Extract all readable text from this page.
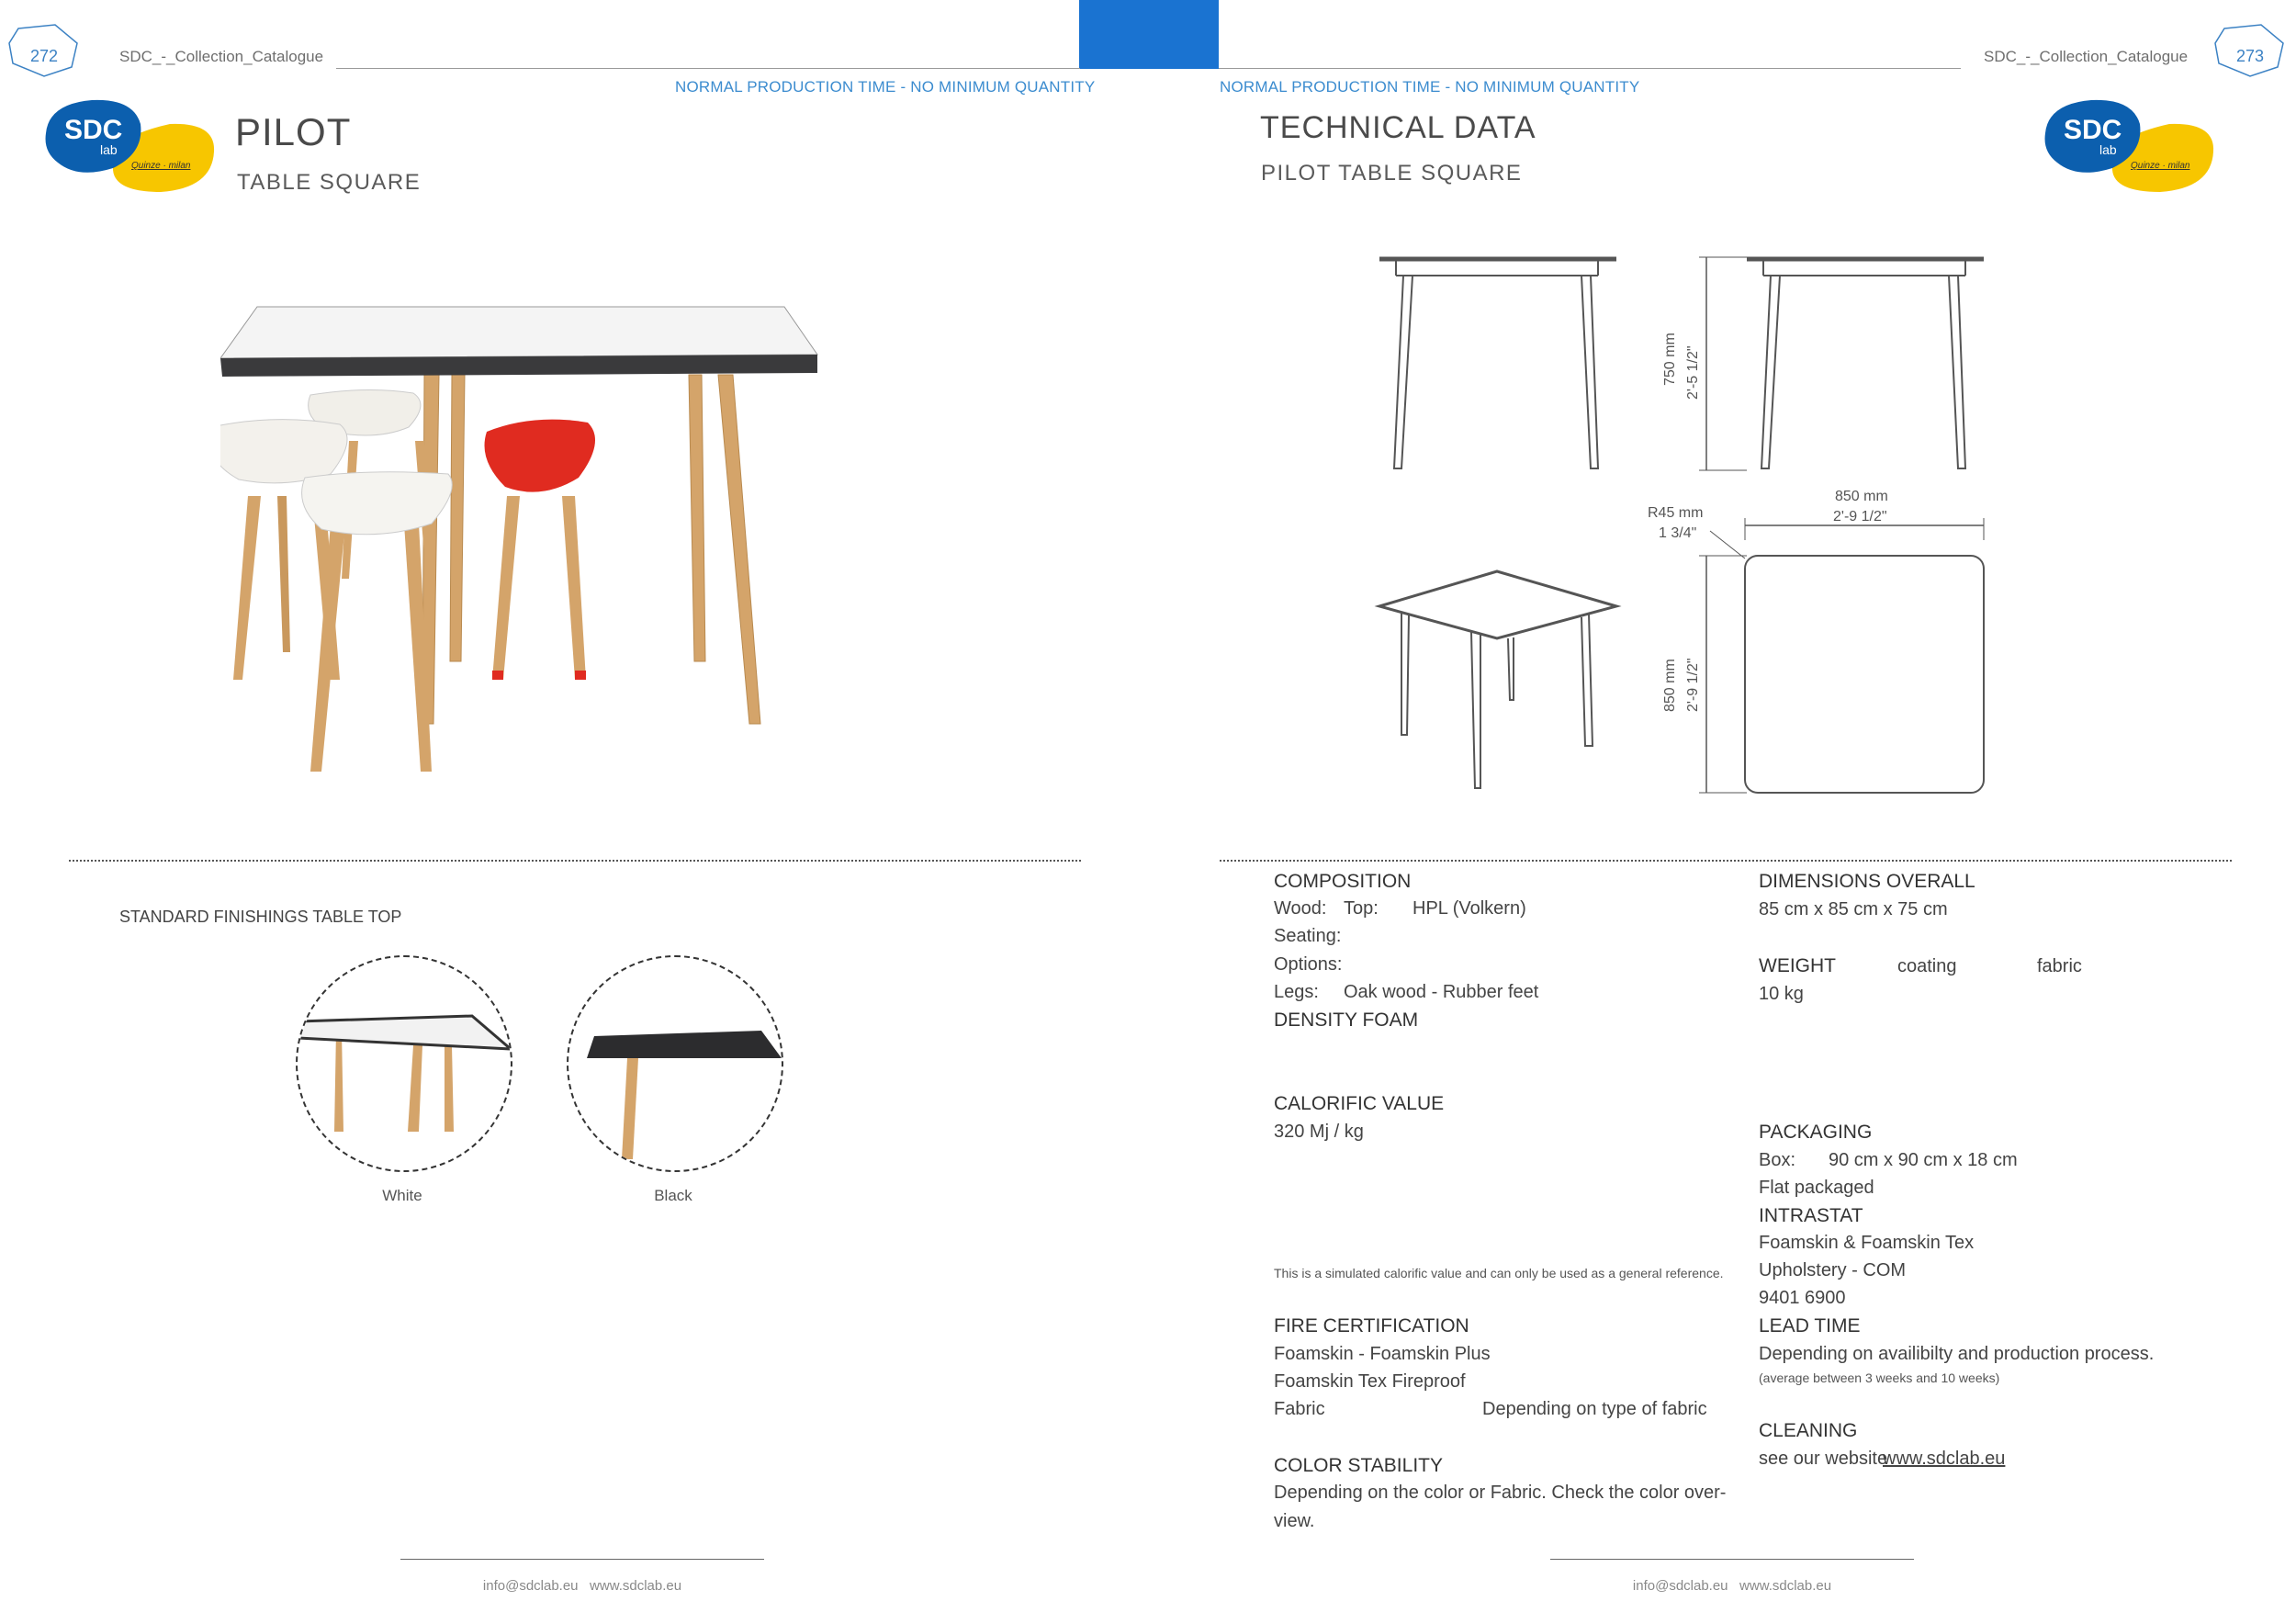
272	SDC_-_Collection_Catalogue	273
SDC_-_Collection_Catalogue
NORMAL PRODUCTION TIME - NO MINIMUM QUANTITY	NORMAL PRODUCTION TIME - NO MINIMUM QUANTITY
SDC
lab
Quinze · milan
SDC
lab
Quinze · milan
PILOT
TABLE SQUARE
STANDARD FINISHINGS TABLE TOP
White	Black
TECHNICAL DATA
PILOT TABLE SQUARE
750 mm 2'-5 1/2"
850 mm
2'-9 1/2"
R45 mm
1 3/4"
850 mm 2'-9 1/2"
COMPOSITION
Wood: Top: HPL (Volkern)
Seating:
Options:
Legs: Oak wood - Rubber feet
DENSITY FOAM
CALORIFIC VALUE
320 Mj / kg
This is a simulated calorific value and can only be used as a general reference.
FIRE CERTIFICATION
Foamskin - Foamskin Plus
Foamskin Tex Fireproof
Fabric	Depending on type of fabric
COLOR STABILITY
Depending on the color or Fabric. Check the color over-
view.
DIMENSIONS OVERALL
85 cm x 85 cm x 75 cm
WEIGHT	coating	fabric
10 kg
PACKAGING
Box: 90 cm x 90 cm x 18 cm
Flat packaged
INTRASTAT
Foamskin & Foamskin Tex
Upholstery - COM
9401 6900
LEAD TIME
Depending on availibilty and production process.
(average between 3 weeks and 10 weeks)
CLEANING
see our website
www.sdclab.eu
info@sdclab.eu   www.sdclab.eu	info@sdclab.eu   www.sdclab.eu
